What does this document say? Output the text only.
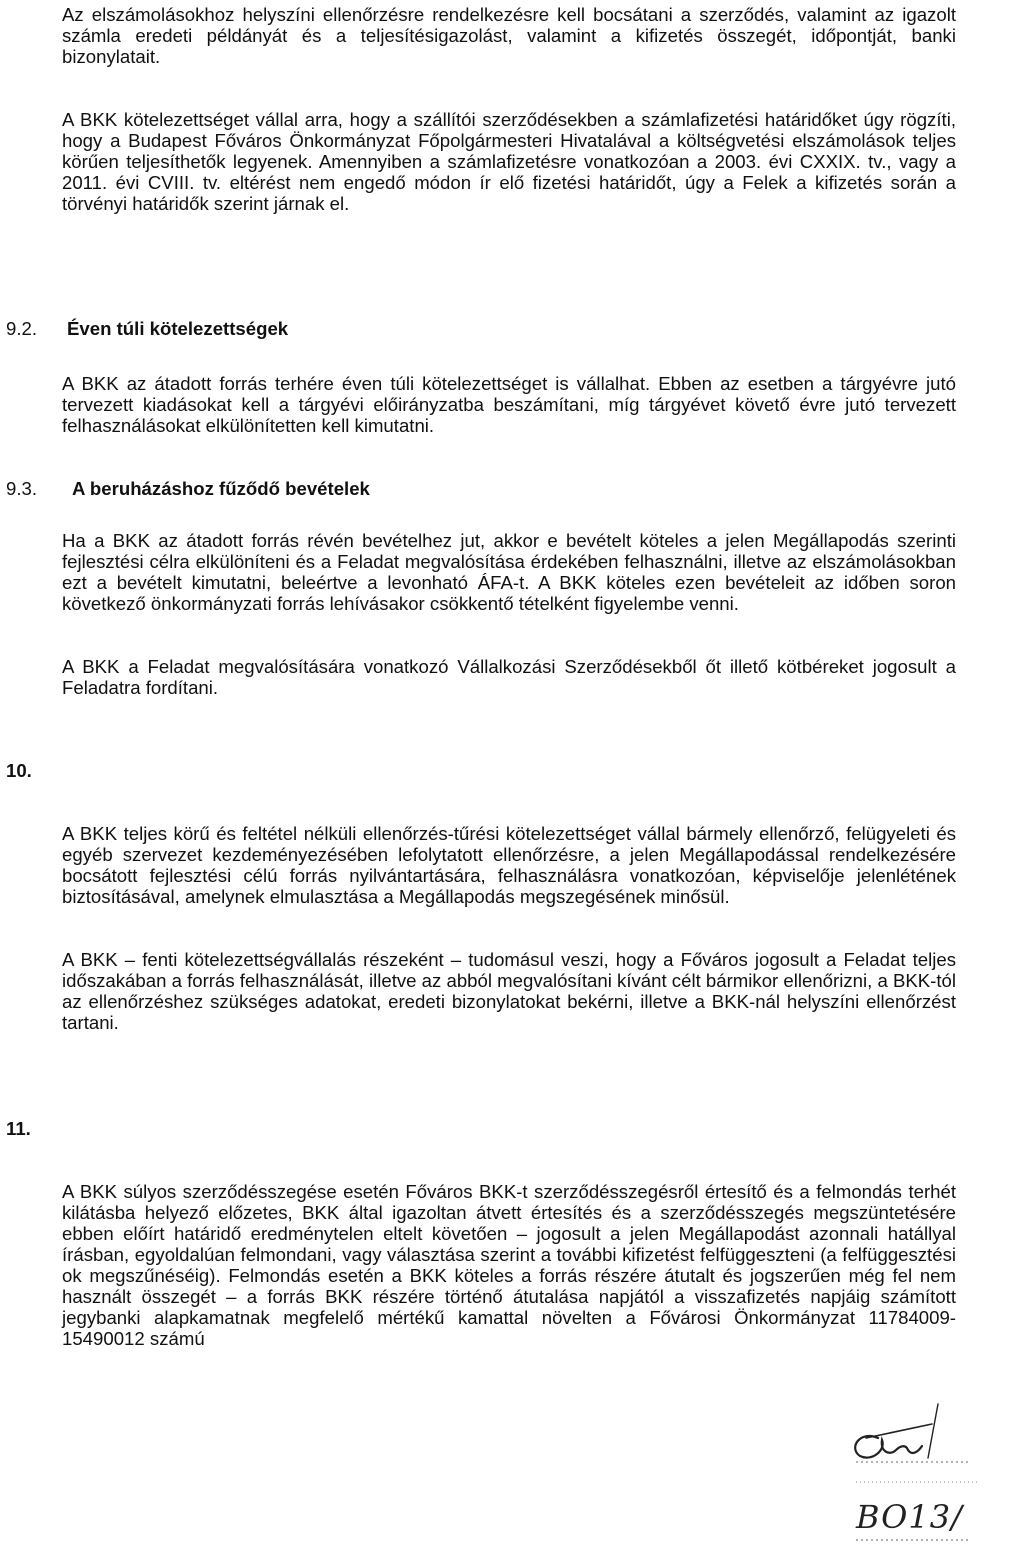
Az elszámolásokhoz helyszíni ellenőrzésre rendelkezésre kell bocsátani a szerződés, valamint az igazolt számla eredeti példányát és a teljesítésigazolást, valamint a kifizetés összegét, időpontját, banki bizonylatait.

A BKK kötelezettséget vállal arra, hogy a szállítói szerződésekben a számlafizetési határidőket úgy rögzíti, hogy a Budapest Főváros Önkormányzat Főpolgármesteri Hivatalával a költségvetési elszámolások teljes körűen teljesíthetők legyenek. Amennyiben a számlafizetésre vonatkozóan a 2003. évi CXXIX. tv., vagy a 2011. évi CVIII. tv. eltérést nem engedő módon ír elő fizetési határidőt, úgy a Felek a kifizetés során a törvényi határidők szerint járnak el.

9.2. Éven túli kötelezettségek

A BKK az átadott forrás terhére éven túli kötelezettséget is vállalhat. Ebben az esetben a tárgyévre jutó tervezett kiadásokat kell a tárgyévi előirányzatba beszámítani, míg tárgyévet követő évre jutó tervezett felhasználásokat elkülönítetten kell kimutatni.

9.3. A beruházáshoz fűződő bevételek

Ha a BKK az átadott forrás révén bevételhez jut, akkor e bevételt köteles a jelen Megállapodás szerinti fejlesztési célra elkülöníteni és a Feladat megvalósítása érdekében felhasználni, illetve az elszámolásokban ezt a bevételt kimutatni, beleértve a levonható ÁFA-t. A BKK köteles ezen bevételeit az időben soron következő önkormányzati forrás lehívásakor csökkentő tételként figyelembe venni.

A BKK a Feladat megvalósítására vonatkozó Vállalkozási Szerződésekből őt illető kötbéreket jogosult a Feladatra fordítani.

10.

A BKK teljes körű és feltétel nélküli ellenőrzés-tűrési kötelezettséget vállal bármely ellenőrző, felügyeleti és egyéb szervezet kezdeményezésében lefolytatott ellenőrzésre, a jelen Megállapodással rendelkezésére bocsátott fejlesztési célú forrás nyilvántartására, felhasználásra vonatkozóan, képviselője jelenlétének biztosításával, amelynek elmulasztása a Megállapodás megszegésének minősül.

A BKK – fenti kötelezettségvállalás részeként – tudomásul veszi, hogy a Főváros jogosult a Feladat teljes időszakában a forrás felhasználását, illetve az abból megvalósítani kívánt célt bármikor ellenőrizni, a BKK-tól az ellenőrzéshez szükséges adatokat, eredeti bizonylatokat bekérni, illetve a BKK-nál helyszíni ellenőrzést tartani.

11.

A BKK súlyos szerződésszegése esetén Főváros BKK-t szerződésszegésről értesítő és a felmondás terhét kilátásba helyező előzetes, BKK által igazoltan átvett értesítés és a szerződésszegés megszüntetésére ebben előírt határidő eredménytelen eltelt követően – jogosult a jelen Megállapodást azonnali hatállyal írásban, egyoldalúan felmondani, vagy választása szerint a további kifizetést felfüggeszteni (a felfüggesztési ok megszűnéséig). Felmondás esetén a BKK köteles a forrás részére átutalt és jogszerűen még fel nem használt összegét – a forrás BKK részére történő átutalása napjától a visszafizetés napjáig számított jegybanki alapkamatnak megfelelő mértékű kamattal növelten a Fővárosi Önkormányzat 11784009-15490012 számú

BO13/
